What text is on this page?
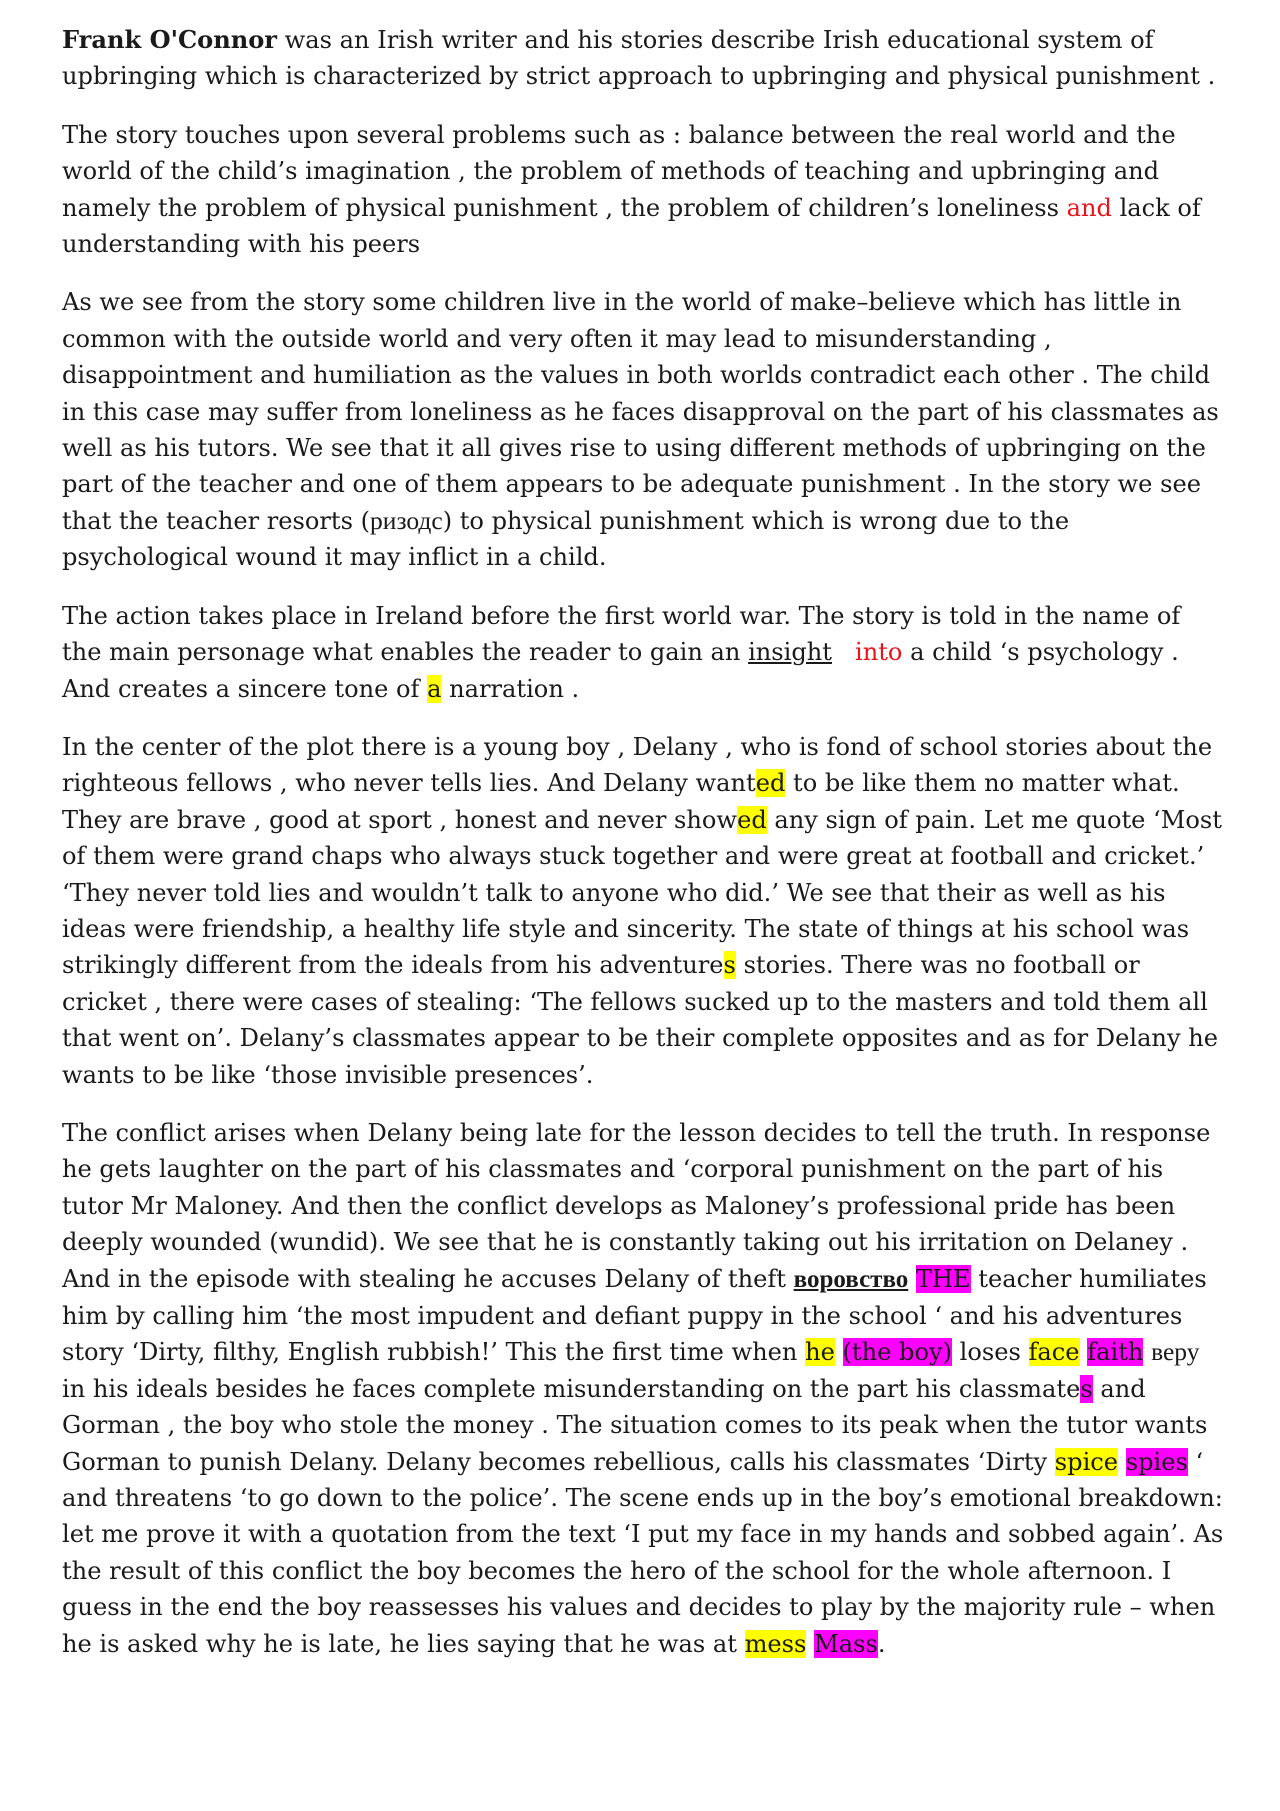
Frank O'Connor was an Irish writer and his stories describe Irish educational system of upbringing which is characterized by strict approach to upbringing and physical punishment .
The story touches upon several problems such as : balance between the real world and the world of the child’s imagination , the problem of methods of teaching and upbringing and namely the problem of physical punishment , the problem of children’s loneliness and lack of understanding with his peers
As we see from the story some children live in the world of make–believe which has little in common with the outside world and very often it may lead to misunderstanding , disappointment and humiliation as the values in both worlds contradict each other . The child in this case may suffer from loneliness as he faces disapproval on the part of his classmates as well as his tutors. We see that it all gives rise to using different methods of upbringing on the part of the teacher and one of them appears to be adequate punishment . In the story we see that the teacher resorts (ризодс) to physical punishment which is wrong due to the psychological wound it may inflict in a child.
The action takes place in Ireland before the first world war. The story is told in the name of the main personage what enables the reader to gain an insight into a child ‘s psychology . And creates a sincere tone of a narration .
In the center of the plot there is a young boy , Delany , who is fond of school stories about the righteous fellows , who never tells lies. And Delany wanted to be like them no matter what. They are brave , good at sport , honest and never showed any sign of pain. Let me quote ‘Most of them were grand chaps who always stuck together and were great at football and cricket.’ ‘They never told lies and wouldn’t talk to anyone who did.’ We see that their as well as his ideas were friendship, a healthy life style and sincerity. The state of things at his school was strikingly different from the ideals from his adventures stories. There was no football or cricket , there were cases of stealing: ‘The fellows sucked up to the masters and told them all that went on’. Delany’s classmates appear to be their complete opposites and as for Delany he wants to be like ‘those invisible presences’.
The conflict arises when Delany being late for the lesson decides to tell the truth. In response he gets laughter on the part of his classmates and ‘corporal punishment on the part of his tutor Mr Maloney. And then the conflict develops as Maloney’s professional pride has been deeply wounded (wundid). We see that he is constantly taking out his irritation on Delaney . And in the episode with stealing he accuses Delany of theft воровство THE teacher humiliates him by calling him ‘the most impudent and defiant puppy in the school ‘ and his adventures story ‘Dirty, filthy, English rubbish!’ This the first time when he (the boy) loses face faith веру in his ideals besides he faces complete misunderstanding on the part his classmates and Gorman , the boy who stole the money . The situation comes to its peak when the tutor wants Gorman to punish Delany. Delany becomes rebellious, calls his classmates ‘Dirty spice spies ‘ and threatens ‘to go down to the police’. The scene ends up in the boy’s emotional breakdown: let me prove it with a quotation from the text ‘I put my face in my hands and sobbed again’. As the result of this conflict the boy becomes the hero of the school for the whole afternoon. I guess in the end the boy reassesses his values and decides to play by the majority rule – when he is asked why he is late, he lies saying that he was at mess Mass.
